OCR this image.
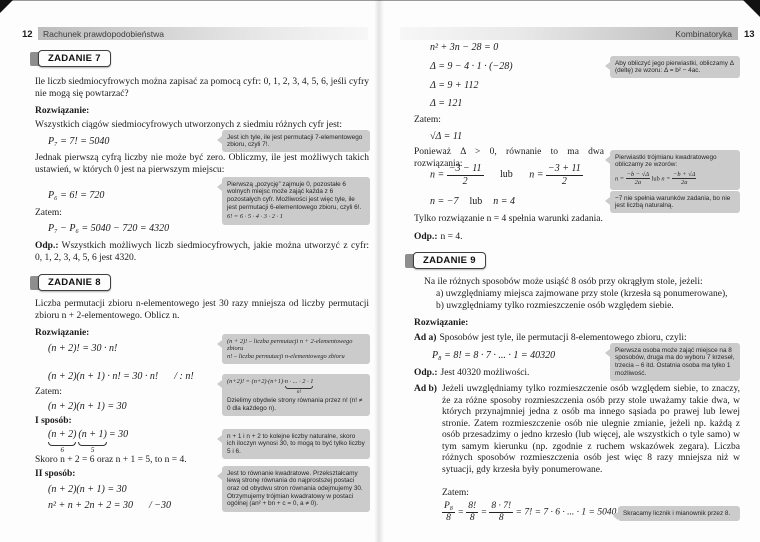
12 Rachunek prawdopodobieństwa
ZADANIE 7
Ile liczb siedmiocyfrowych można zapisać za pomocą cyfr: 0, 1, 2, 3, 4, 5, 6, jeśli cyfry nie mogą się powtarzać?
Rozwiązanie:
Wszystkich ciągów siedmiocyfrowych utworzonych z siedmiu różnych cyfr jest:
P₇ = 7! = 5040	Jest ich tyle, ile jest permutacji 7-elementowego zbioru, czyli 7!.
Jednak pierwszą cyfrą liczby nie może być zero. Obliczmy, ile jest możliwych takich ustawień, w których 0 jest na pierwszym miejscu:
Pierwszą „pozycję” zajmuje 0, pozostałe 6 wolnych miejsc może zająć każda z 6 pozostałych cyfr. Możliwości jest więc tyle, ile jest permutacji 6-elementowego zbioru, czyli 6!.
6! = 6 · 5 · 4 · 3 · 2 · 1
P₆ = 6! = 720
Zatem:
P₇ − P₆ = 5040 − 720 = 4320
Odp.: Wszystkich możliwych liczb siedmiocyfrowych, jakie można utworzyć z cyfr: 0, 1, 2, 3, 4, 5, 6 jest 4320.
ZADANIE 8
Liczba permutacji zbioru n-elementowego jest 30 razy mniejsza od liczby permutacji zbioru n + 2-elementowego. Oblicz n.
Rozwiązanie:
(n + 2)! = 30 · n!
(n + 2)! – liczba permutacji n + 2-elementowego zbioru
n! – liczba permutacji n-elementowego zbioru
(n + 2)(n + 1) · n! = 30 · n! / : n!	(n+2)! = $(n+2)\cdot(n+1)\cdot \frac{n \cdot ... \cdot 2 \cdot 1}{n!}$
Dzielimy obydwie strony równania przez n! (n! ≠ 0 dla każdego n).
Zatem:
(n + 2)(n + 1) = 30
I sposób:
(n + 2)
6
(n + 1)
5
= 30	n + 1 i n + 2 to kolejne liczby naturalne, skoro ich iloczyn wynosi 30, to mogą to być tylko liczby 5 i 6.
Skoro n + 2 = 6 oraz n + 1 = 5, to n = 4.
II sposób:
(n + 2)(n + 1) = 30
n² + n + 2n + 2 = 30 / −30
Jest to równanie kwadratowe. Przekształcamy lewą stronę równania do najprostszej postaci oraz od obydwu stron równania odejmujemy 30. Otrzymujemy trójmian kwadratowy w postaci ogólnej (an² + bn + c = 0, a ≠ 0).
Kombinatoryka 13
n² + 3n − 28 = 0
Δ = 9 − 4 · 1 · (−28)	Aby obliczyć jego pierwiastki, obliczamy Δ (deltę) ze wzoru: Δ = b² − 4ac.
Δ = 9 + 112
Δ = 121
Zatem:
√Δ = 11
Ponieważ Δ > 0, równanie to ma dwa rozwiązania:
$n = \frac{-3 - 11}{2}$ lub $n = \frac{-3 + 11}{2}$
Pierwiastki trójmianu kwadratowego obliczamy ze wzorów:
$n = \frac{-b - √\Delta}{2a}$ lub $n = \frac{-b + √\Delta}{2a}$
n = −7 lub n = 4	−7 nie spełnia warunków zadania, bo nie jest liczbą naturalną.
Tylko rozwiązanie n = 4 spełnia warunki zadania.
Odp.: n = 4.
ZADANIE 9
Na ile różnych sposobów może usiąść 8 osób przy okrągłym stole, jeżeli:
a) uwzględniamy miejsca zajmowane przy stole (krzesła są ponumerowane),
b) uwzględniamy tylko rozmieszczenie osób względem siebie.
Rozwiązanie:
Ad a) Sposobów jest tyle, ile permutacji 8-elementowego zbioru, czyli:
P₈ = 8! = 8 · 7 · ... · 1 = 40320	Pierwsza osoba może zająć miejsce na 8 sposobów, druga ma do wyboru 7 krzeseł, trzecia – 6 itd. Ostatnia osoba ma tylko 1 możliwość.
Odp.: Jest 40320 możliwości.
Ad b) Jeżeli uwzględniamy tylko rozmieszczenie osób względem siebie, to znaczy, że za różne sposoby rozmieszczenia osób przy stole uważamy takie dwa, w których przynajmniej jedna z osób ma innego sąsiada po prawej lub lewej stronie. Zatem rozmieszczenie osób nie ulegnie zmianie, jeżeli np. każdą z osób przesadzimy o jedno krzesło (lub więcej, ale wszystkich o tyle samo) w tym samym kierunku (np. zgodnie z ruchem wskazówek zegara). Liczba różnych sposobów rozmieszczenia osób jest więc 8 razy mniejsza niż w sytuacji, gdy krzesła były ponumerowane.
Zatem:
$\frac{\text{P₈}}{8} = \frac{8!}{8} = \frac{8 \cdot 7!}{8} = 7$! = 7 · 6 · ... · 1 = 5040	Skracamy licznik i mianownik przez 8.
